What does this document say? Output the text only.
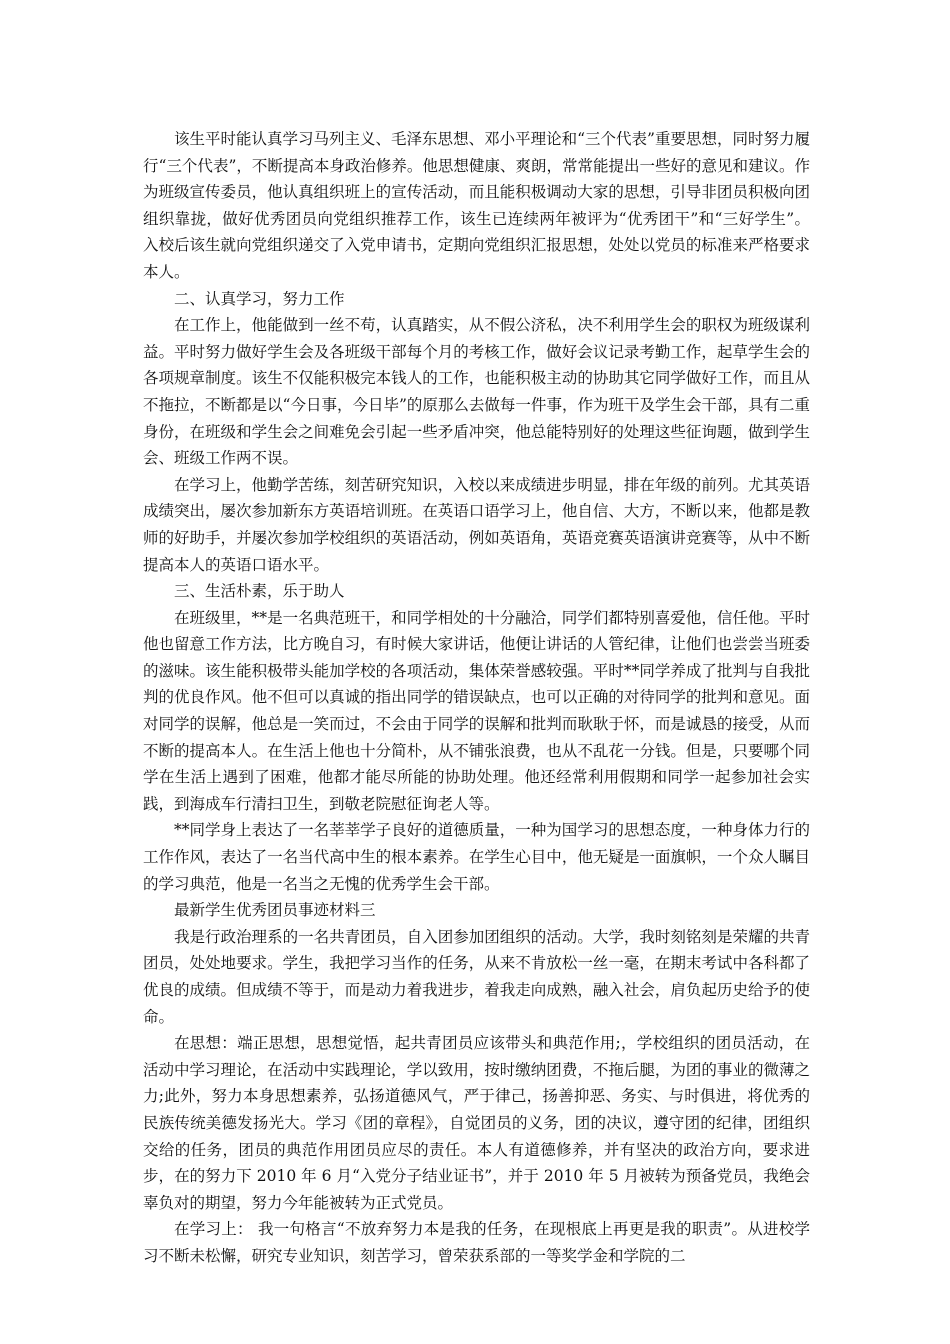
该生平时能认真学习马列主义、毛泽东思想、邓小平理论和“三个代表”重要思想，同时努力履行“三个代表”，不断提高本身政治修养。他思想健康、爽朗，常常能提出一些好的意见和建议。作为班级宣传委员，他认真组织班上的宣传活动，而且能积极调动大家的思想，引导非团员积极向团组织靠拢，做好优秀团员向党组织推荐工作，该生已连续两年被评为“优秀团干”和“三好学生”。入校后该生就向党组织递交了入党申请书，定期向党组织汇报思想，处处以党员的标准来严格要求本人。

二、认真学习，努力工作

在工作上，他能做到一丝不苟，认真踏实，从不假公济私，决不利用学生会的职权为班级谋利益。平时努力做好学生会及各班级干部每个月的考核工作，做好会议记录考勤工作，起草学生会的各项规章制度。该生不仅能积极完本钱人的工作，也能积极主动的协助其它同学做好工作，而且从不拖拉，不断都是以“今日事，今日毕”的原那么去做每一件事，作为班干及学生会干部，具有二重身份，在班级和学生会之间难免会引起一些矛盾冲突，他总能特别好的处理这些征询题，做到学生会、班级工作两不误。

在学习上，他勤学苦练，刻苦研究知识，入校以来成绩进步明显，排在年级的前列。尤其英语成绩突出，屡次参加新东方英语培训班。在英语口语学习上，他自信、大方，不断以来，他都是教师的好助手，并屡次参加学校组织的英语活动，例如英语角，英语竞赛英语演讲竞赛等，从中不断提高本人的英语口语水平。

三、生活朴素，乐于助人

在班级里，**是一名典范班干，和同学相处的十分融洽，同学们都特别喜爱他，信任他。平时他也留意工作方法，比方晚自习，有时候大家讲话，他便让讲话的人管纪律，让他们也尝尝当班委的滋味。该生能积极带头能加学校的各项活动，集体荣誉感较强。平时**同学养成了批判与自我批判的优良作风。他不但可以真诚的指出同学的错误缺点，也可以正确的对待同学的批判和意见。面对同学的误解，他总是一笑而过，不会由于同学的误解和批判而耿耿于怀，而是诚恳的接受，从而不断的提高本人。在生活上他也十分简朴，从不铺张浪费，也从不乱花一分钱。但是，只要哪个同学在生活上遇到了困难，他都才能尽所能的协助处理。他还经常利用假期和同学一起参加社会实践，到海成车行清扫卫生，到敬老院慰征询老人等。

**同学身上表达了一名莘莘学子良好的道德质量，一种为国学习的思想态度，一种身体力行的工作作风，表达了一名当代高中生的根本素养。在学生心目中，他无疑是一面旗帜，一个众人瞩目的学习典范，他是一名当之无愧的优秀学生会干部。

最新学生优秀团员事迹材料三

我是行政治理系的一名共青团员，自入团参加团组织的活动。大学，我时刻铭刻是荣耀的共青团员，处处地要求。学生，我把学习当作的任务，从来不肯放松一丝一毫，在期末考试中各科都了优良的成绩。但成绩不等于，而是动力着我进步，着我走向成熟，融入社会，肩负起历史给予的使命。

在思想：端正思想，思想觉悟，起共青团员应该带头和典范作用;，学校组织的团员活动，在活动中学习理论，在活动中实践理论，学以致用，按时缴纳团费，不拖后腿，为团的事业的微薄之力;此外，努力本身思想素养，弘扬道德风气，严于律己，扬善抑恶、务实、与时俱进，将优秀的民族传统美德发扬光大。学习《团的章程》，自觉团员的义务，团的决议，遵守团的纪律，团组织交给的任务，团员的典范作用团员应尽的责任。本人有道德修养，并有坚决的政治方向，要求进步，在的努力下 2010 年 6 月“入党分子结业证书”，并于 2010 年 5 月被转为预备党员，我绝会辜负对的期望，努力今年能被转为正式党员。

在学习上： 我一句格言“不放弃努力本是我的任务，在现根底上再更是我的职责”。从进校学习不断未松懈，研究专业知识，刻苦学习，曾荣获系部的一等奖学金和学院的二
